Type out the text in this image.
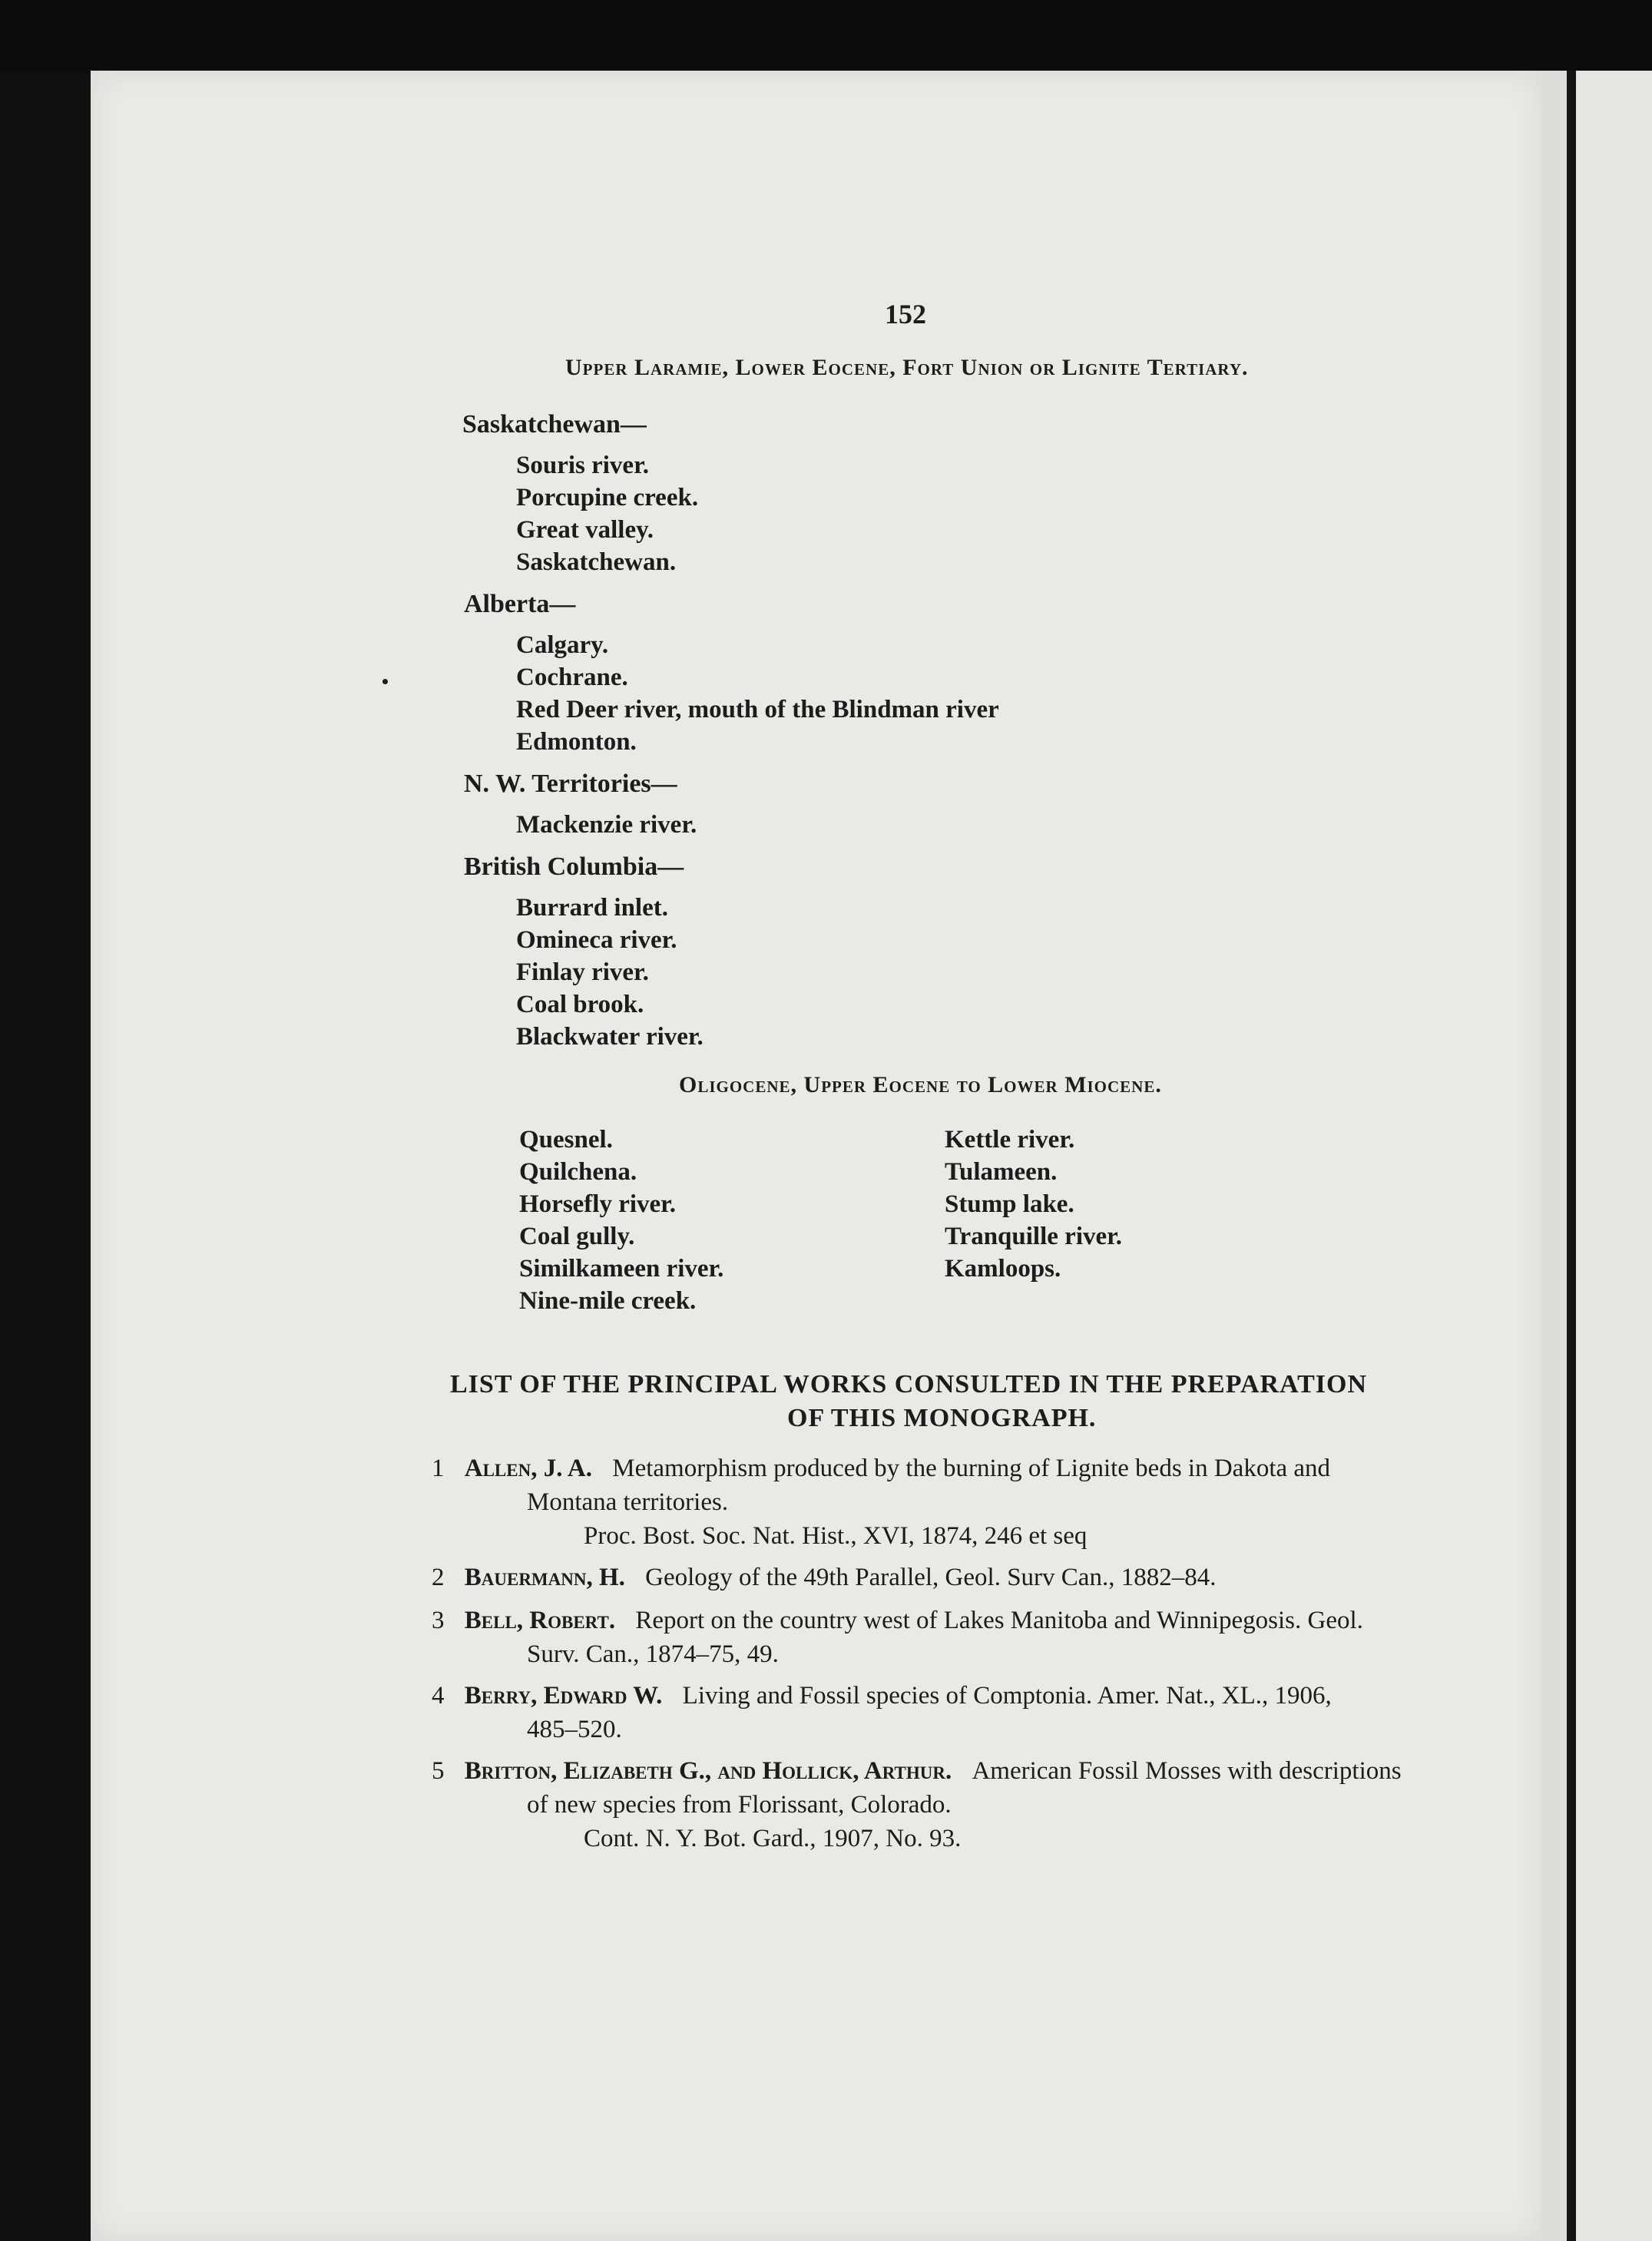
152
Upper Laramie, Lower Eocene, Fort Union or Lignite Tertiary.
Saskatchewan—
Souris river.
Porcupine creek.
Great valley.
Saskatchewan.
Alberta—
Calgary.
Cochrane.
Red Deer river, mouth of the Blindman river
Edmonton.
N. W. Territories—
Mackenzie river.
British Columbia—
Burrard inlet.
Omineca river.
Finlay river.
Coal brook.
Blackwater river.
Oligocene, Upper Eocene to Lower Miocene.
Quesnel.
Quilchena.
Horsefly river.
Coal gully.
Similkameen river.
Nine-mile creek.
Kettle river.
Tulameen.
Stump lake.
Tranquille river.
Kamloops.
LIST OF THE PRINCIPAL WORKS CONSULTED IN THE PREPARATION
OF THIS MONOGRAPH.
1 Allen, J. A. Metamorphism produced by the burning of Lignite beds in Dakota and
Montana territories.
Proc. Bost. Soc. Nat. Hist., XVI, 1874, 246 et seq
2 Bauermann, H. Geology of the 49th Parallel, Geol. Surv Can., 1882–84.
3 Bell, Robert. Report on the country west of Lakes Manitoba and Winnipegosis. Geol.
Surv. Can., 1874–75, 49.
4 Berry, Edward W. Living and Fossil species of Comptonia. Amer. Nat., XL., 1906,
485–520.
5 Britton, Elizabeth G., and Hollick, Arthur. American Fossil Mosses with descriptions
of new species from Florissant, Colorado.
Cont. N. Y. Bot. Gard., 1907, No. 93.
